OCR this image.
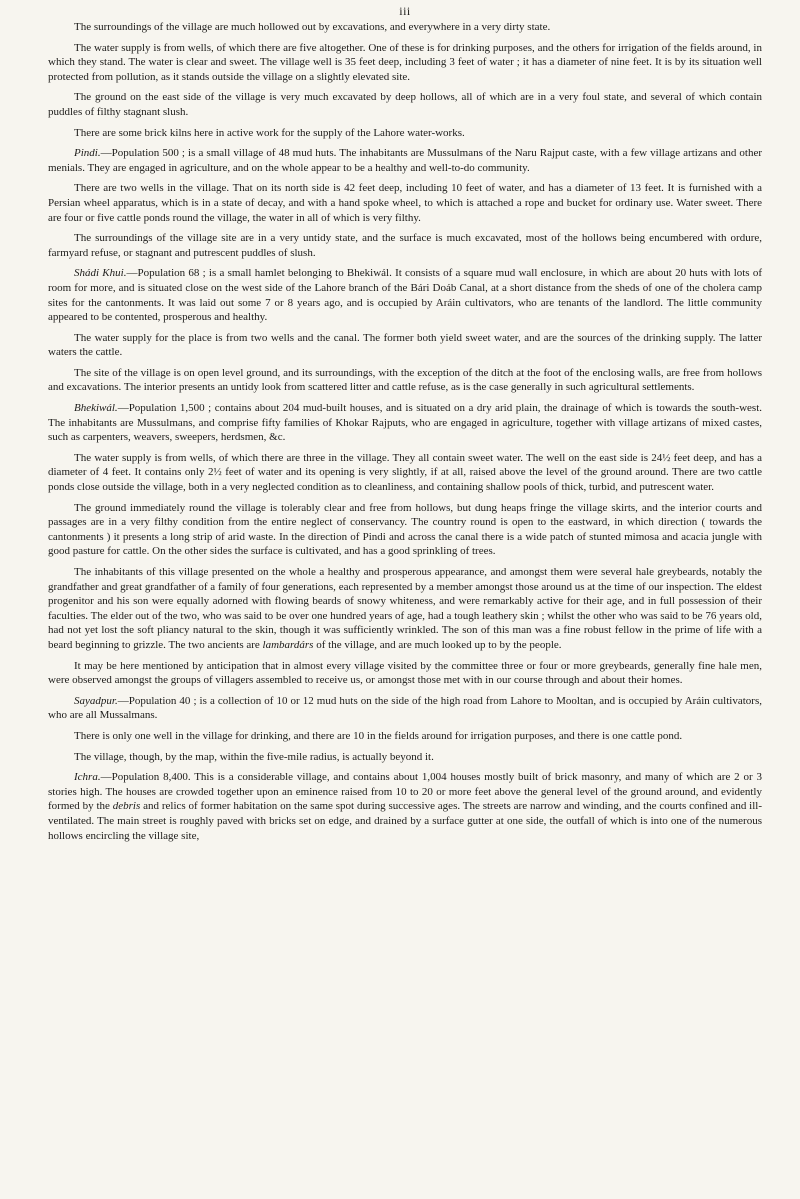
iii

The surroundings of the village are much hollowed out by excavations, and everywhere in a very dirty state.

The water supply is from wells, of which there are five altogether. One of these is for drinking purposes, and the others for irrigation of the fields around, in which they stand. The water is clear and sweet. The village well is 35 feet deep, including 3 feet of water ; it has a diameter of nine feet. It is by its situation well protected from pollution, as it stands outside the village on a slightly elevated site.

The ground on the east side of the village is very much excavated by deep hollows, all of which are in a very foul state, and several of which contain puddles of filthy stagnant slush.

There are some brick kilns here in active work for the supply of the Lahore water-works.

Pindi.—Population 500 ; is a small village of 48 mud huts. The inhabitants are Mussulmans of the Naru Rajput caste, with a few village artizans and other menials. They are engaged in agriculture, and on the whole appear to be a healthy and well-to-do community.

There are two wells in the village. That on its north side is 42 feet deep, including 10 feet of water, and has a diameter of 13 feet. It is furnished with a Persian wheel apparatus, which is in a state of decay, and with a hand spoke wheel, to which is attached a rope and bucket for ordinary use. Water sweet. There are four or five cattle ponds round the village, the water in all of which is very filthy.

The surroundings of the village site are in a very untidy state, and the surface is much excavated, most of the hollows being encumbered with ordure, farmyard refuse, or stagnant and putrescent puddles of slush.

Shádi Khui.—Population 68 ; is a small hamlet belonging to Bhekiwál. It consists of a square mud wall enclosure, in which are about 20 huts with lots of room for more, and is situated close on the west side of the Lahore branch of the Bári Doáb Canal, at a short distance from the sheds of one of the cholera camp sites for the cantonments. It was laid out some 7 or 8 years ago, and is occupied by Aráin cultivators, who are tenants of the landlord. The little community appeared to be contented, prosperous and healthy.

The water supply for the place is from two wells and the canal. The former both yield sweet water, and are the sources of the drinking supply. The latter waters the cattle.

The site of the village is on open level ground, and its surroundings, with the exception of the ditch at the foot of the enclosing walls, are free from hollows and excavations. The interior presents an untidy look from scattered litter and cattle refuse, as is the case generally in such agricultural settlements.

Bhekiwál.—Population 1,500 ; contains about 204 mud-built houses, and is situated on a dry arid plain, the drainage of which is towards the south-west. The inhabitants are Mussulmans, and comprise fifty families of Khokar Rajputs, who are engaged in agriculture, together with village artizans of mixed castes, such as carpenters, weavers, sweepers, herdsmen, &c.

The water supply is from wells, of which there are three in the village. They all contain sweet water. The well on the east side is 24½ feet deep, and has a diameter of 4 feet. It contains only 2½ feet of water and its opening is very slightly, if at all, raised above the level of the ground around. There are two cattle ponds close outside the village, both in a very neglected condition as to cleanliness, and containing shallow pools of thick, turbid, and putrescent water.

The ground immediately round the village is tolerably clear and free from hollows, but dung heaps fringe the village skirts, and the interior courts and passages are in a very filthy condition from the entire neglect of conservancy. The country round is open to the eastward, in which direction ( towards the cantonments ) it presents a long strip of arid waste. In the direction of Pindi and across the canal there is a wide patch of stunted mimosa and acacia jungle with good pasture for cattle. On the other sides the surface is cultivated, and has a good sprinkling of trees.

The inhabitants of this village presented on the whole a healthy and prosperous appearance, and amongst them were several hale greybeards, notably the grandfather and great grandfather of a family of four generations, each represented by a member amongst those around us at the time of our inspection. The eldest progenitor and his son were equally adorned with flowing beards of snowy whiteness, and were remarkably active for their age, and in full possession of their faculties. The elder out of the two, who was said to be over one hundred years of age, had a tough leathery skin ; whilst the other who was said to be 76 years old, had not yet lost the soft pliancy natural to the skin, though it was sufficiently wrinkled. The son of this man was a fine robust fellow in the prime of life with a beard beginning to grizzle. The two ancients are lambardárs of the village, and are much looked up to by the people.

It may be here mentioned by anticipation that in almost every village visited by the committee three or four or more greybeards, generally fine hale men, were observed amongst the groups of villagers assembled to receive us, or amongst those met with in our course through and about their homes.

Sayadpur.—Population 40 ; is a collection of 10 or 12 mud huts on the side of the high road from Lahore to Mooltan, and is occupied by Aráin cultivators, who are all Mussalmans.

There is only one well in the village for drinking, and there are 10 in the fields around for irrigation purposes, and there is one cattle pond.

The village, though, by the map, within the five-mile radius, is actually beyond it.

Ichra.—Population 8,400. This is a considerable village, and contains about 1,004 houses mostly built of brick masonry, and many of which are 2 or 3 stories high. The houses are crowded together upon an eminence raised from 10 to 20 or more feet above the general level of the ground around, and evidently formed by the debris and relics of former habitation on the same spot during successive ages. The streets are narrow and winding, and the courts confined and ill-ventilated. The main street is roughly paved with bricks set on edge, and drained by a surface gutter at one side, the outfall of which is into one of the numerous hollows encircling the village site,
